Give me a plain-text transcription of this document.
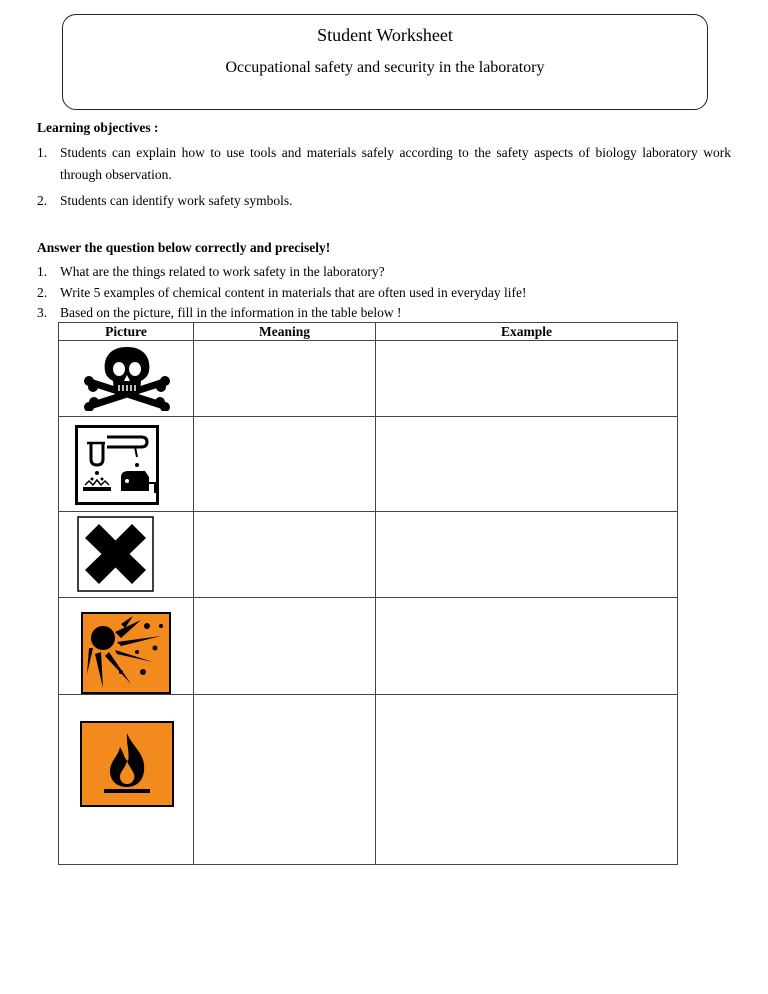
Student Worksheet
Occupational safety and security in the laboratory
Learning objectives :
1. Students can explain how to use tools and materials safely according to the safety aspects of biology laboratory work through observation.
2. Students can identify work safety symbols.
Answer the question below correctly and precisely!
1. What are the things related to work safety in the laboratory?
2. Write 5 examples of chemical content in materials that are often used in everyday life!
3. Based on the picture, fill in the information in the table below !
Picture	Meaning	Example
